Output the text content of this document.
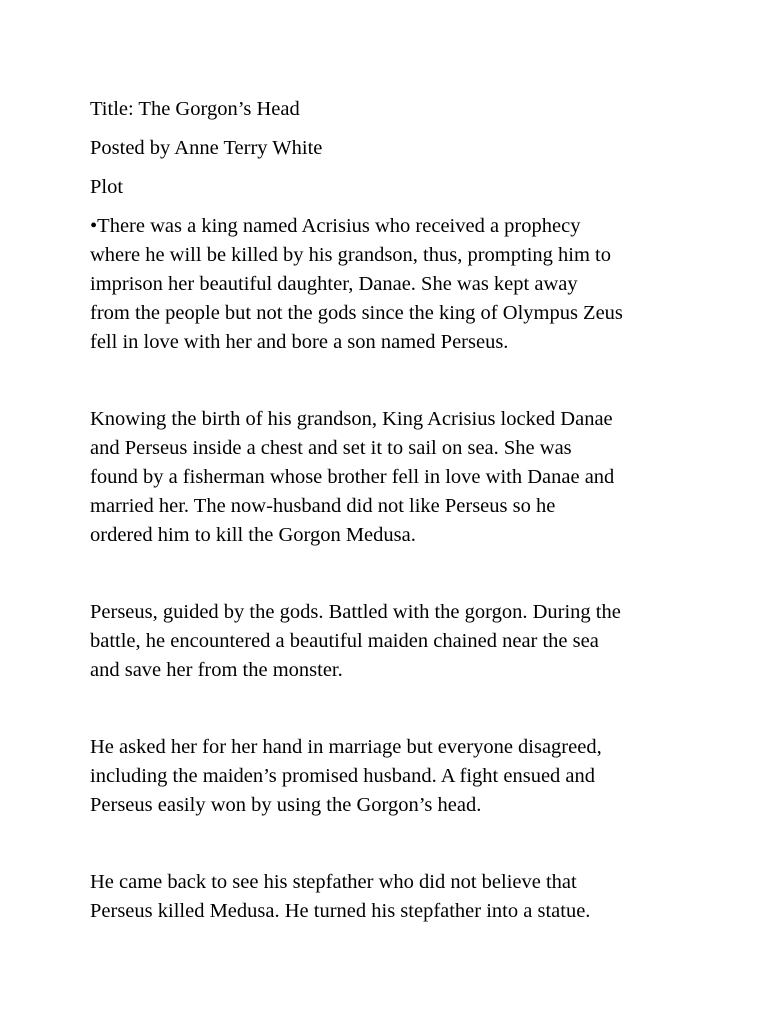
Title: The Gorgon’s Head

Posted by Anne Terry White

Plot

•There was a king named Acrisius who received a prophecy

where he will be killed by his grandson, thus, prompting him to

imprison her beautiful daughter, Danae. She was kept away

from the people but not the gods since the king of Olympus Zeus

fell in love with her and bore a son named Perseus.

Knowing the birth of his grandson, King Acrisius locked Danae

and Perseus inside a chest and set it to sail on sea. She was

found by a fisherman whose brother fell in love with Danae and

married her. The now-husband did not like Perseus so he

ordered him to kill the Gorgon Medusa.

Perseus, guided by the gods. Battled with the gorgon. During the

battle, he encountered a beautiful maiden chained near the sea

and save her from the monster.

He asked her for her hand in marriage but everyone disagreed,

including the maiden’s promised husband. A fight ensued and

Perseus easily won by using the Gorgon’s head.

He came back to see his stepfather who did not believe that

Perseus killed Medusa. He turned his stepfather into a statue.
